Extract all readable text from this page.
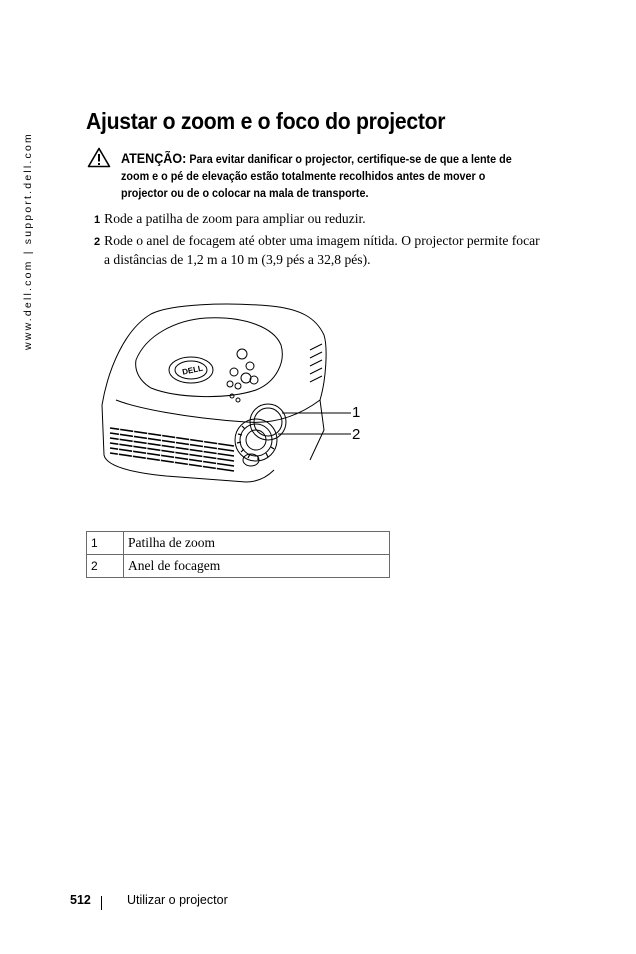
www.dell.com | support.dell.com
Ajustar o zoom e o foco do projector
ATENÇÃO: Para evitar danificar o projector, certifique-se de que a lente de zoom e o pé de elevação estão totalmente recolhidos antes de mover o projector ou de o colocar na mala de transporte.
1 Rode a patilha de zoom para ampliar ou reduzir.
2 Rode o anel de focagem até obter uma imagem nítida. O projector permite focar
a distâncias de 1,2 m a 10 m (3,9 pés a 32,8 pés).
DELL
1
2
1	Patilha de zoom
2	Anel de focagem
512	Utilizar o projector
